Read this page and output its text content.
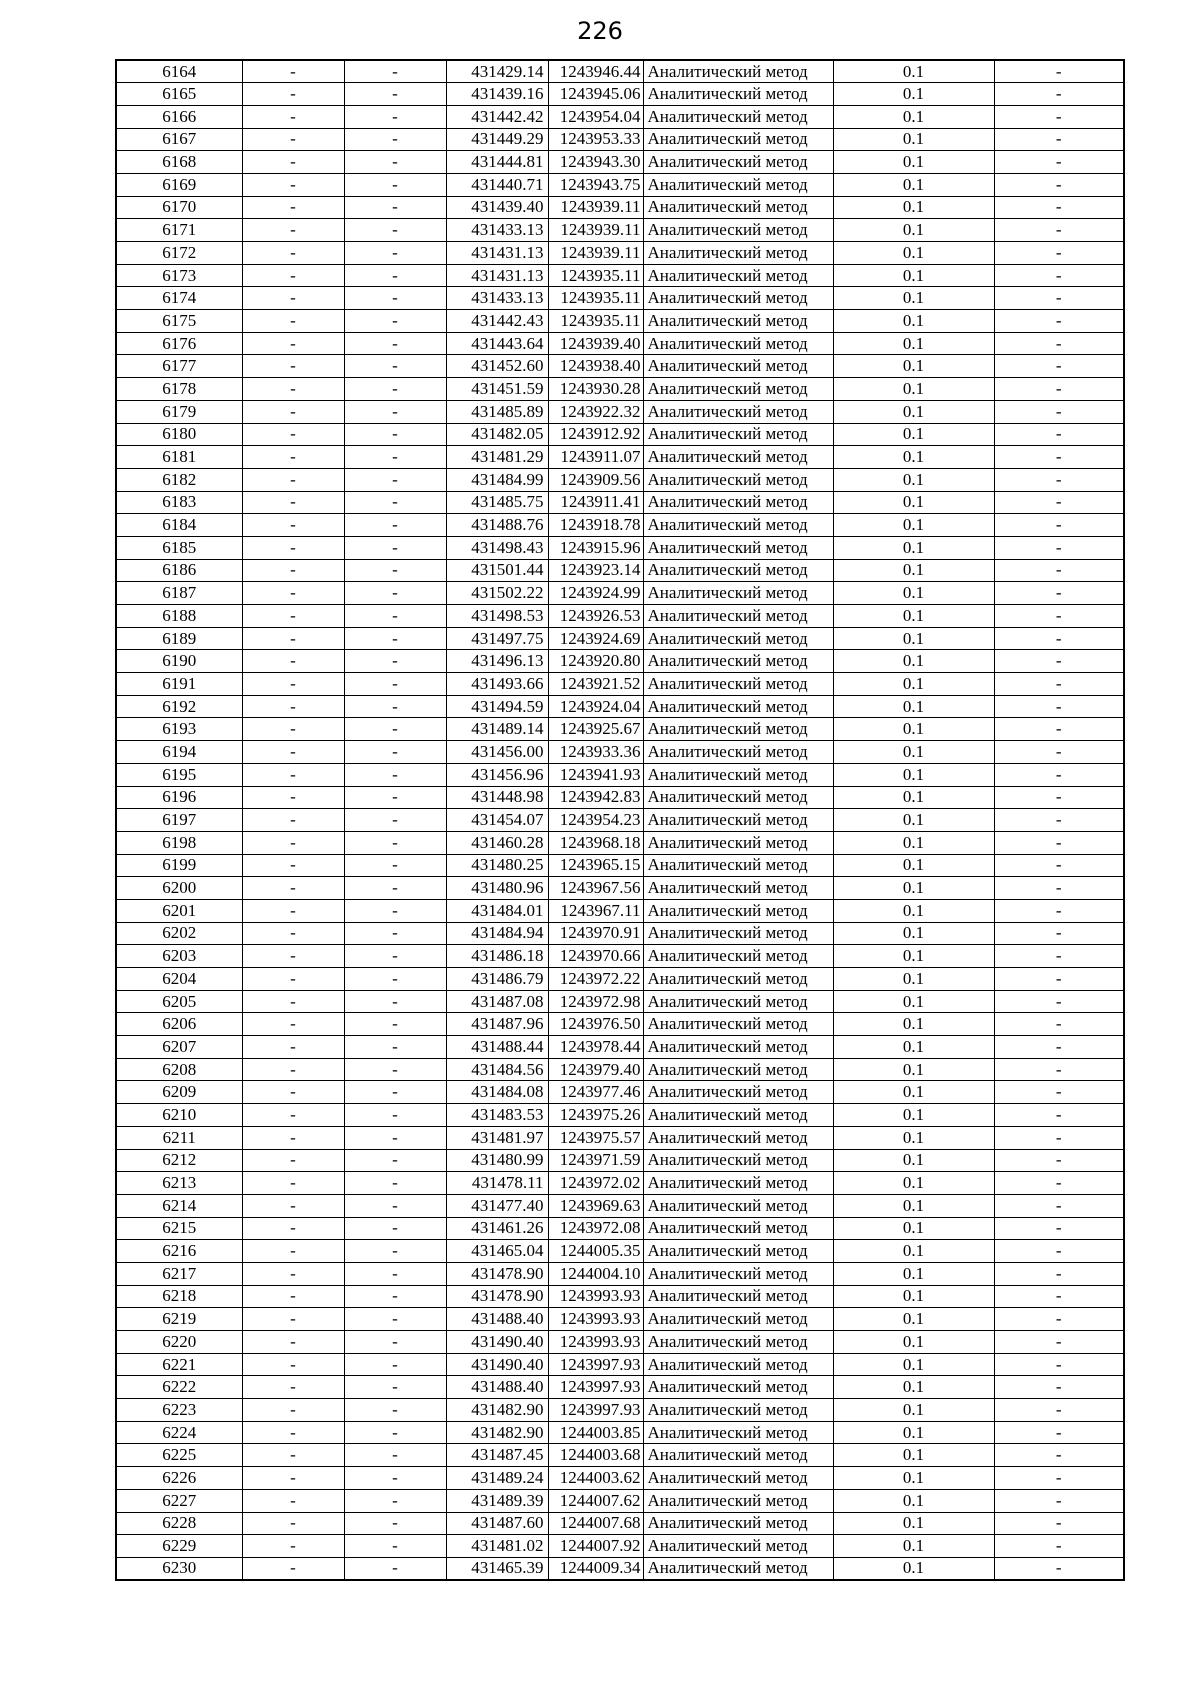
226
6164	-	-	431429.14	1243946.44	Аналитический метод	0.1	-
6165	-	-	431439.16	1243945.06	Аналитический метод	0.1	-
6166	-	-	431442.42	1243954.04	Аналитический метод	0.1	-
6167	-	-	431449.29	1243953.33	Аналитический метод	0.1	-
6168	-	-	431444.81	1243943.30	Аналитический метод	0.1	-
6169	-	-	431440.71	1243943.75	Аналитический метод	0.1	-
6170	-	-	431439.40	1243939.11	Аналитический метод	0.1	-
6171	-	-	431433.13	1243939.11	Аналитический метод	0.1	-
6172	-	-	431431.13	1243939.11	Аналитический метод	0.1	-
6173	-	-	431431.13	1243935.11	Аналитический метод	0.1	-
6174	-	-	431433.13	1243935.11	Аналитический метод	0.1	-
6175	-	-	431442.43	1243935.11	Аналитический метод	0.1	-
6176	-	-	431443.64	1243939.40	Аналитический метод	0.1	-
6177	-	-	431452.60	1243938.40	Аналитический метод	0.1	-
6178	-	-	431451.59	1243930.28	Аналитический метод	0.1	-
6179	-	-	431485.89	1243922.32	Аналитический метод	0.1	-
6180	-	-	431482.05	1243912.92	Аналитический метод	0.1	-
6181	-	-	431481.29	1243911.07	Аналитический метод	0.1	-
6182	-	-	431484.99	1243909.56	Аналитический метод	0.1	-
6183	-	-	431485.75	1243911.41	Аналитический метод	0.1	-
6184	-	-	431488.76	1243918.78	Аналитический метод	0.1	-
6185	-	-	431498.43	1243915.96	Аналитический метод	0.1	-
6186	-	-	431501.44	1243923.14	Аналитический метод	0.1	-
6187	-	-	431502.22	1243924.99	Аналитический метод	0.1	-
6188	-	-	431498.53	1243926.53	Аналитический метод	0.1	-
6189	-	-	431497.75	1243924.69	Аналитический метод	0.1	-
6190	-	-	431496.13	1243920.80	Аналитический метод	0.1	-
6191	-	-	431493.66	1243921.52	Аналитический метод	0.1	-
6192	-	-	431494.59	1243924.04	Аналитический метод	0.1	-
6193	-	-	431489.14	1243925.67	Аналитический метод	0.1	-
6194	-	-	431456.00	1243933.36	Аналитический метод	0.1	-
6195	-	-	431456.96	1243941.93	Аналитический метод	0.1	-
6196	-	-	431448.98	1243942.83	Аналитический метод	0.1	-
6197	-	-	431454.07	1243954.23	Аналитический метод	0.1	-
6198	-	-	431460.28	1243968.18	Аналитический метод	0.1	-
6199	-	-	431480.25	1243965.15	Аналитический метод	0.1	-
6200	-	-	431480.96	1243967.56	Аналитический метод	0.1	-
6201	-	-	431484.01	1243967.11	Аналитический метод	0.1	-
6202	-	-	431484.94	1243970.91	Аналитический метод	0.1	-
6203	-	-	431486.18	1243970.66	Аналитический метод	0.1	-
6204	-	-	431486.79	1243972.22	Аналитический метод	0.1	-
6205	-	-	431487.08	1243972.98	Аналитический метод	0.1	-
6206	-	-	431487.96	1243976.50	Аналитический метод	0.1	-
6207	-	-	431488.44	1243978.44	Аналитический метод	0.1	-
6208	-	-	431484.56	1243979.40	Аналитический метод	0.1	-
6209	-	-	431484.08	1243977.46	Аналитический метод	0.1	-
6210	-	-	431483.53	1243975.26	Аналитический метод	0.1	-
6211	-	-	431481.97	1243975.57	Аналитический метод	0.1	-
6212	-	-	431480.99	1243971.59	Аналитический метод	0.1	-
6213	-	-	431478.11	1243972.02	Аналитический метод	0.1	-
6214	-	-	431477.40	1243969.63	Аналитический метод	0.1	-
6215	-	-	431461.26	1243972.08	Аналитический метод	0.1	-
6216	-	-	431465.04	1244005.35	Аналитический метод	0.1	-
6217	-	-	431478.90	1244004.10	Аналитический метод	0.1	-
6218	-	-	431478.90	1243993.93	Аналитический метод	0.1	-
6219	-	-	431488.40	1243993.93	Аналитический метод	0.1	-
6220	-	-	431490.40	1243993.93	Аналитический метод	0.1	-
6221	-	-	431490.40	1243997.93	Аналитический метод	0.1	-
6222	-	-	431488.40	1243997.93	Аналитический метод	0.1	-
6223	-	-	431482.90	1243997.93	Аналитический метод	0.1	-
6224	-	-	431482.90	1244003.85	Аналитический метод	0.1	-
6225	-	-	431487.45	1244003.68	Аналитический метод	0.1	-
6226	-	-	431489.24	1244003.62	Аналитический метод	0.1	-
6227	-	-	431489.39	1244007.62	Аналитический метод	0.1	-
6228	-	-	431487.60	1244007.68	Аналитический метод	0.1	-
6229	-	-	431481.02	1244007.92	Аналитический метод	0.1	-
6230	-	-	431465.39	1244009.34	Аналитический метод	0.1	-
